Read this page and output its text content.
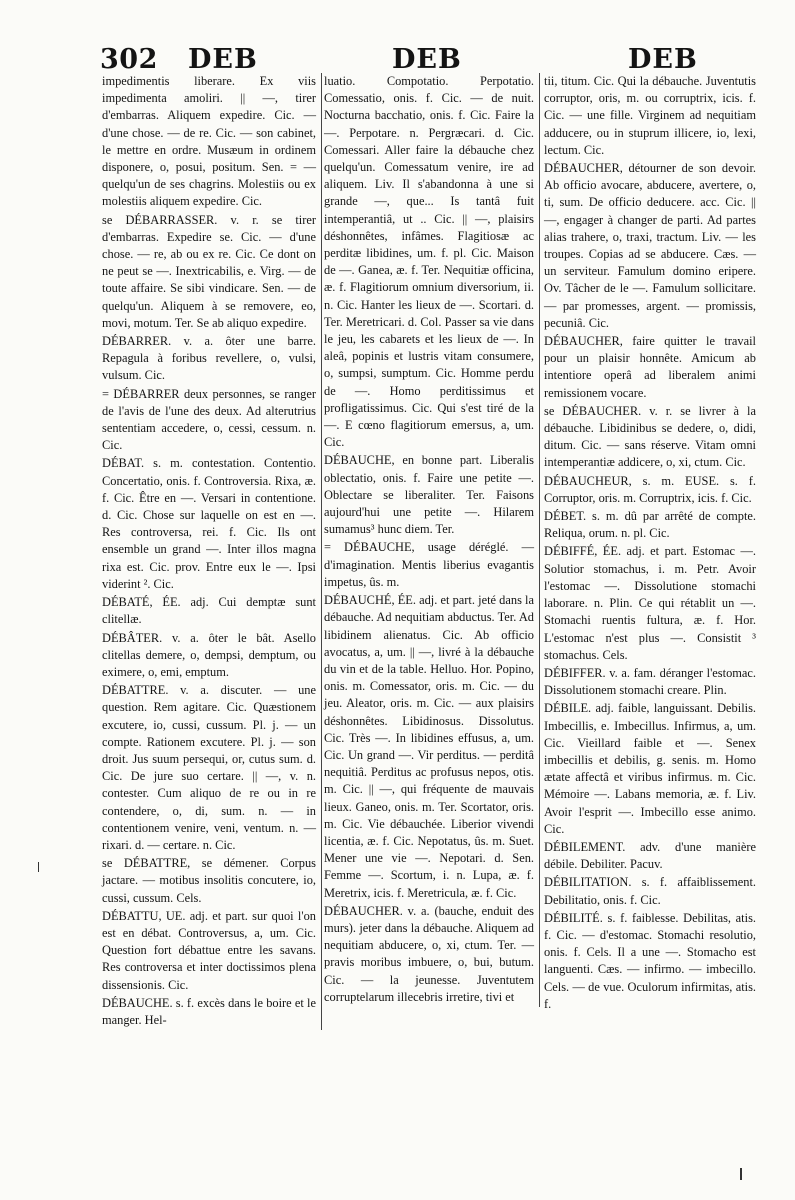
302 DEB	DEB	DEB

impedimentis liberare. Ex viis impedimenta amoliri. || —, tirer d'embarras. Aliquem expedire. Cic. — d'une chose. — de re. Cic. — son cabinet, le mettre en ordre. Musæum in ordinem disponere, o, posui, positum. Sen. = — quelqu'un de ses chagrins. Molestiis ou ex molestiis aliquem expedire. Cic.

se DÉBARRASSER. v. r. se tirer d'embarras. Expedire se. Cic. — d'une chose. — re, ab ou ex re. Cic. Ce dont on ne peut se —. Inextricabilis, e. Virg. — de toute affaire. Se sibi vindicare. Sen. — de quelqu'un. Aliquem à se removere, eo, movi, motum. Ter. Se ab aliquo expedire.

DÉBARRER. v. a. ôter une barre. Repagula à foribus revellere, o, vulsi, vulsum. Cic.

= DÉBARRER deux personnes, se ranger de l'avis de l'une des deux. Ad alterutrius sententiam accedere, o, cessi, cessum. n. Cic.

DÉBAT. s. m. contestation. Contentio. Concertatio, onis. f. Controversia. Rixa, æ. f. Cic. Être en —. Versari in contentione. d. Cic. Chose sur laquelle on est en —. Res controversa, rei. f. Cic. Ils ont ensemble un grand —. Inter illos magna rixa est. Cic. prov. Entre eux le —. Ipsi viderint ². Cic.

DÉBATÉ, ÉE. adj. Cui demptæ sunt clitellæ.

DÉBÂTER. v. a. ôter le bât. Asello clitellas demere, o, dempsi, demptum, ou eximere, o, emi, emptum.

DÉBATTRE. v. a. discuter. — une question. Rem agitare. Cic. Quæstionem excutere, io, cussi, cussum. Pl. j. — un compte. Rationem excutere. Pl. j. — son droit. Jus suum persequi, or, cutus sum. d. Cic. De jure suo certare. || —, v. n. contester. Cum aliquo de re ou in re contendere, o, di, sum. n. — in contentionem venire, veni, ventum. n. — rixari. d. — certare. n. Cic.

se DÉBATTRE, se démener. Corpus jactare. — motibus insolitis concutere, io, cussi, cussum. Cels.

DÉBATTU, UE. adj. et part. sur quoi l'on est en débat. Controversus, a, um. Cic. Question fort débattue entre les savans. Res controversa et inter doctissimos plena dissensionis. Cic.

DÉBAUCHE. s. f. excès dans le boire et le manger. Hel-

luatio. Compotatio. Perpotatio. Comessatio, onis. f. Cic. — de nuit. Nocturna bacchatio, onis. f. Cic. Faire la —. Perpotare. n. Pergræcari. d. Cic. Comessari. Aller faire la débauche chez quelqu'un. Comessatum venire, ire ad aliquem. Liv. Il s'abandonna à une si grande —, que... Is tantâ fuit intemperantiâ, ut .. Cic. || —, plaisirs déshonnêtes, infâmes. Flagitiosæ ac perditæ libidines, um. f. pl. Cic. Maison de —. Ganea, æ. f. Ter. Nequitiæ officina, æ. f. Flagitiorum omnium diversorium, ii. n. Cic. Hanter les lieux de —. Scortari. d. Ter. Meretricari. d. Col. Passer sa vie dans le jeu, les cabarets et les lieux de —. In aleâ, popinis et lustris vitam consumere, o, sumpsi, sumptum. Cic. Homme perdu de —. Homo perditissimus et profligatissimus. Cic. Qui s'est tiré de la —. E cœno flagitiorum emersus, a, um. Cic.

DÉBAUCHE, en bonne part. Liberalis oblectatio, onis. f. Faire une petite —. Oblectare se liberaliter. Ter. Faisons aujourd'hui une petite —. Hilarem sumamus³ hunc diem. Ter.

= DÉBAUCHE, usage déréglé. — d'imagination. Mentis liberius evagantis impetus, ûs. m.

DÉBAUCHÉ, ÉE. adj. et part. jeté dans la débauche. Ad nequitiam abductus. Ter. Ad libidinem alienatus. Cic. Ab officio avocatus, a, um. || —, livré à la débauche du vin et de la table. Helluo. Hor. Popino, onis. m. Comessator, oris. m. Cic. — du jeu. Aleator, oris. m. Cic. — aux plaisirs déshonnêtes. Libidinosus. Dissolutus. Cic. Très —. In libidines effusus, a, um. Cic. Un grand —. Vir perditus. — perditâ nequitiâ. Perditus ac profusus nepos, otis. m. Cic. || —, qui fréquente de mauvais lieux. Ganeo, onis. m. Ter. Scortator, oris. m. Cic. Vie débauchée. Liberior vivendi licentia, æ. f. Cic. Nepotatus, ûs. m. Suet. Mener une vie —. Nepotari. d. Sen. Femme —. Scortum, i. n. Lupa, æ. f. Meretrix, icis. f. Meretricula, æ. f. Cic.

DÉBAUCHER. v. a. (bauche, enduit des murs). jeter dans la débauche. Aliquem ad nequitiam abducere, o, xi, ctum. Ter. — pravis moribus imbuere, o, bui, butum. Cic. — la jeunesse. Juventutem corruptelarum illecebris irretire, tivi et

tii, titum. Cic. Qui la débauche. Juventutis corruptor, oris, m. ou corruptrix, icis. f. Cic. — une fille. Virginem ad nequitiam adducere, ou in stuprum illicere, io, lexi, lectum. Cic.

DÉBAUCHER, détourner de son devoir. Ab officio avocare, abducere, avertere, o, ti, sum. De officio deducere. acc. Cic. || —, engager à changer de parti. Ad partes alias trahere, o, traxi, tractum. Liv. — les troupes. Copias ad se abducere. Cæs. — un serviteur. Famulum domino eripere. Ov. Tâcher de le —. Famulum sollicitare. — par promesses, argent. — promissis, pecuniâ. Cic.

DÉBAUCHER, faire quitter le travail pour un plaisir honnête. Amicum ab intentiore operâ ad liberalem animi remissionem vocare.

se DÉBAUCHER. v. r. se livrer à la débauche. Libidinibus se dedere, o, didi, ditum. Cic. — sans réserve. Vitam omni intemperantiæ addicere, o, xi, ctum. Cic.

DÉBAUCHEUR, s. m. EUSE. s. f. Corruptor, oris. m. Corruptrix, icis. f. Cic.

DÉBET. s. m. dû par arrêté de compte. Reliqua, orum. n. pl. Cic.

DÉBIFFÉ, ÉE. adj. et part. Estomac —. Solutior stomachus, i. m. Petr. Avoir l'estomac —. Dissolutione stomachi laborare. n. Plin. Ce qui rétablit un —. Stomachi ruentis fultura, æ. f. Hor. L'estomac n'est plus —. Consistit ³ stomachus. Cels.

DÉBIFFER. v. a. fam. déranger l'estomac. Dissolutionem stomachi creare. Plin.

DÉBILE. adj. faible, languissant. Debilis. Imbecillis, e. Imbecillus. Infirmus, a, um. Cic. Vieillard faible et —. Senex imbecillis et debilis, g. senis. m. Homo ætate affectâ et viribus infirmus. m. Cic. Mémoire —. Labans memoria, æ. f. Liv. Avoir l'esprit —. Imbecillo esse animo. Cic.

DÉBILEMENT. adv. d'une manière débile. Debiliter. Pacuv.

DÉBILITATION. s. f. affaiblissement. Debilitatio, onis. f. Cic.

DÉBILITÉ. s. f. faiblesse. Debilitas, atis. f. Cic. — d'estomac. Stomachi resolutio, onis. f. Cels. Il a une —. Stomacho est languenti. Cæs. — infirmo. — imbecillo. Cels. — de vue. Oculorum infirmitas, atis. f.
